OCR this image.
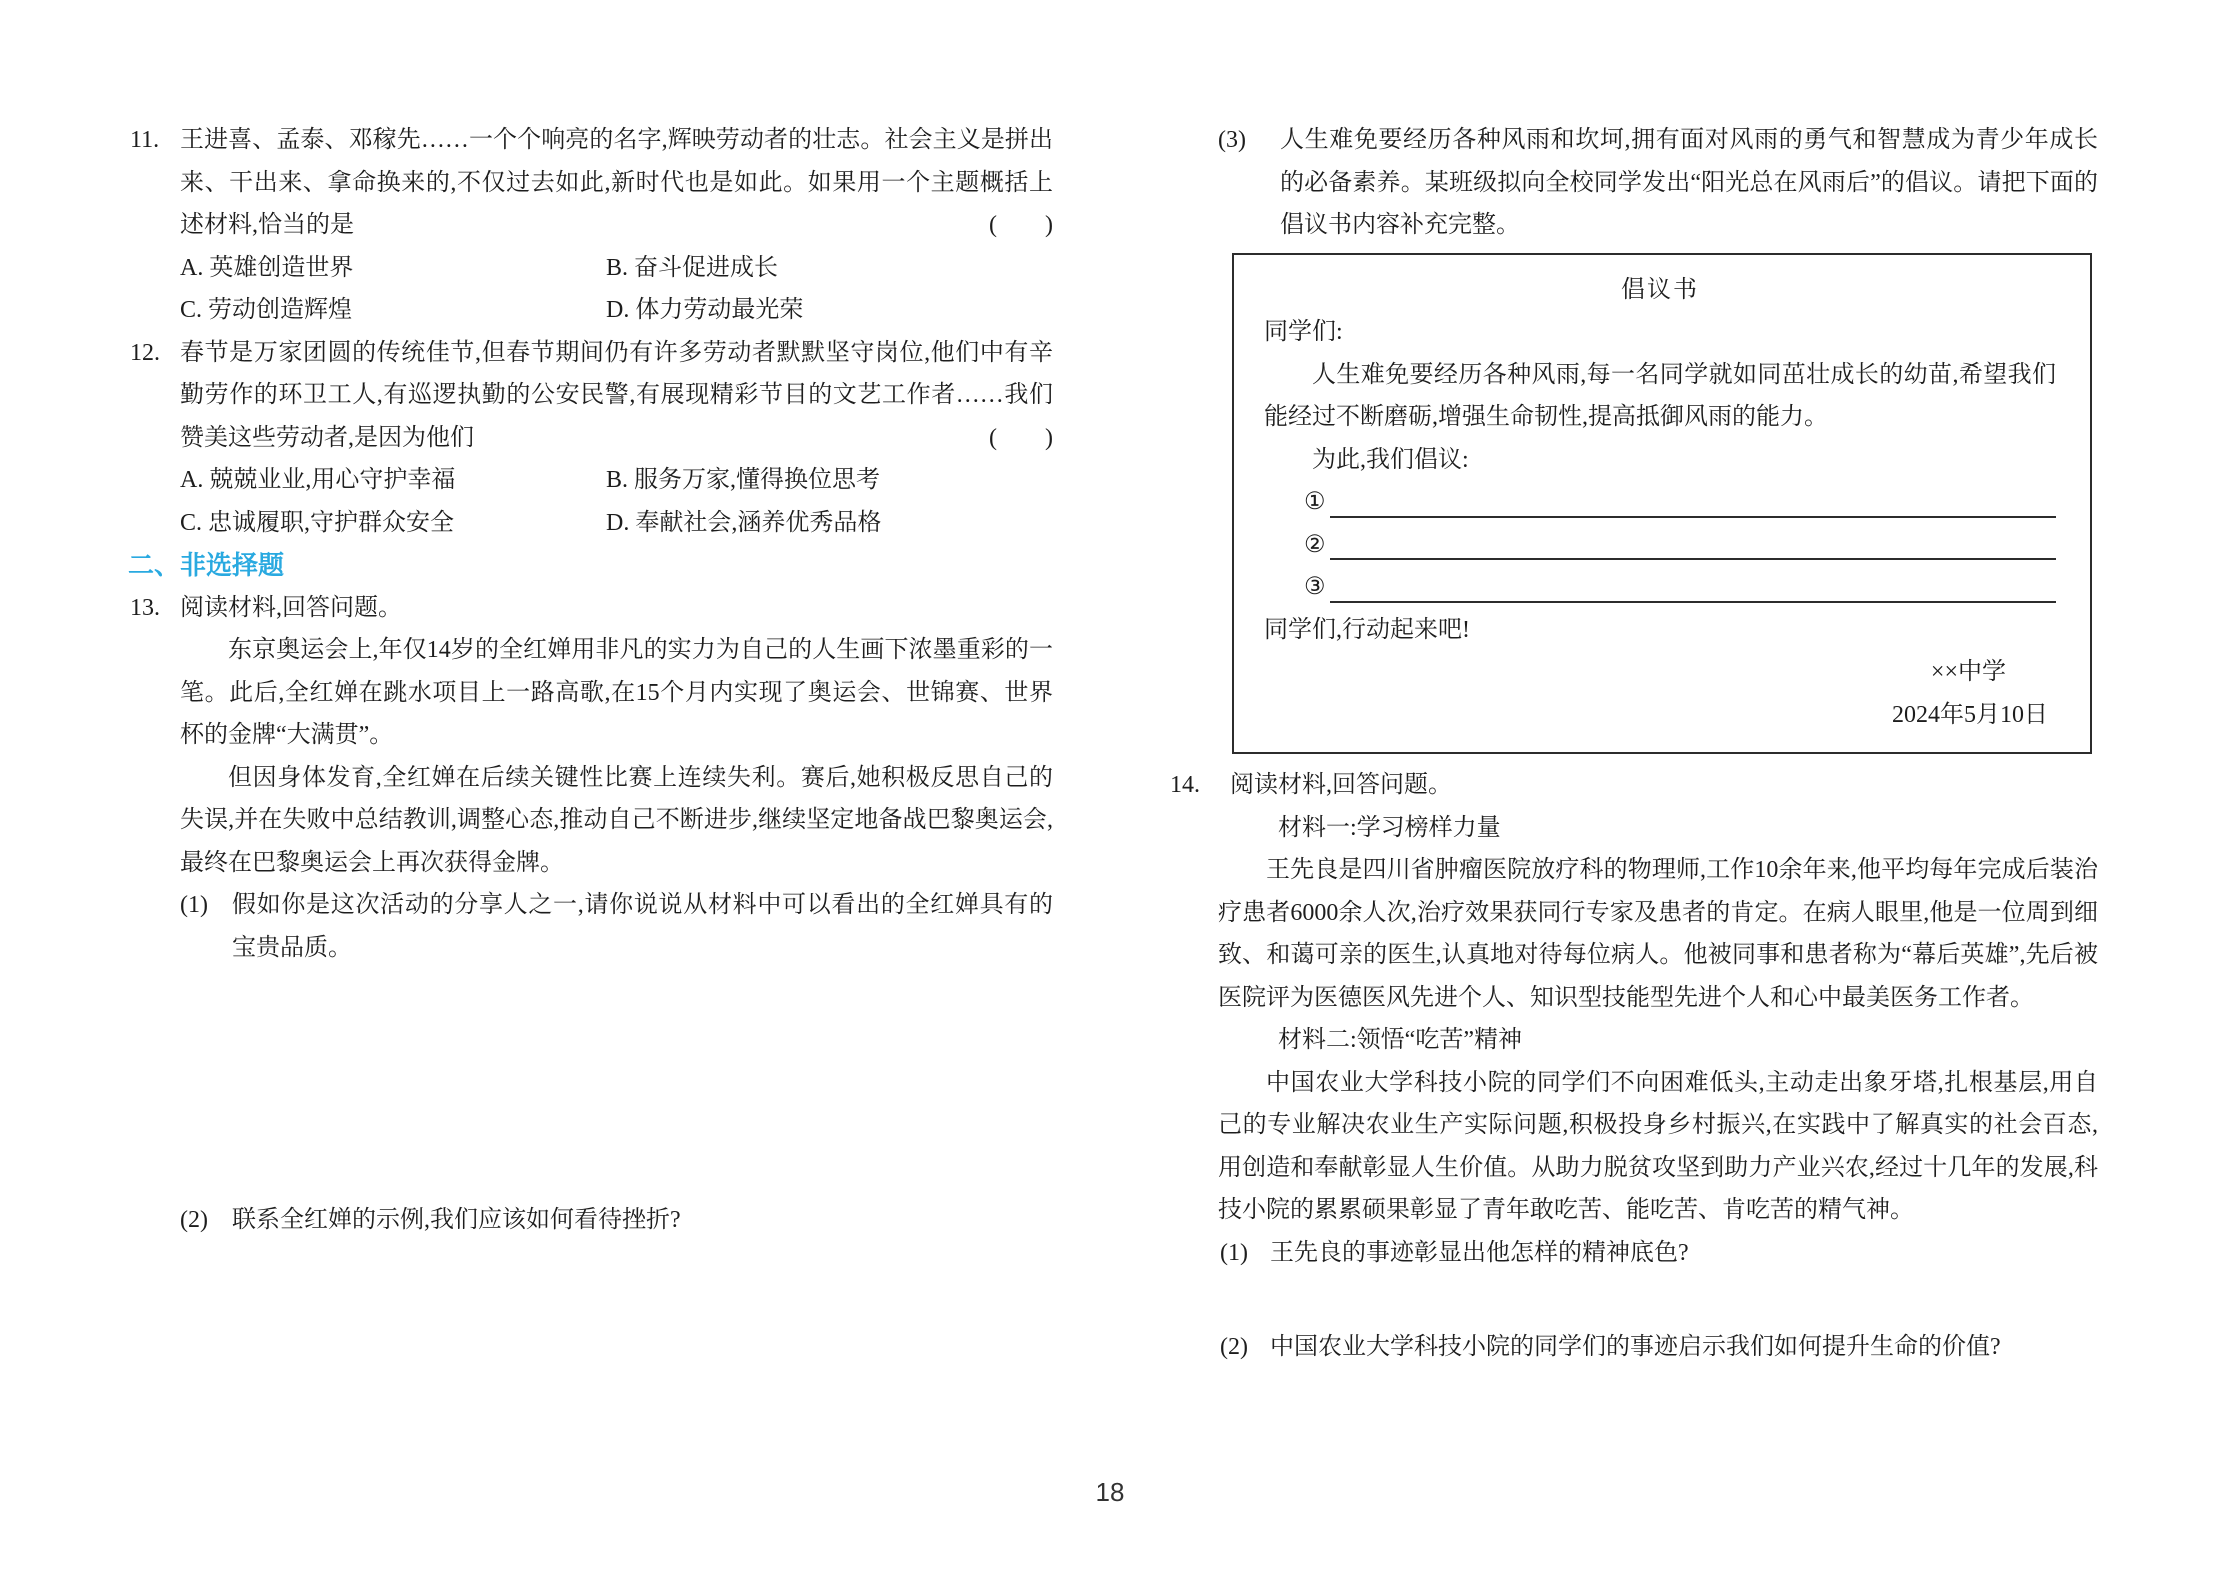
11. 王进喜、孟泰、邓稼先……一个个响亮的名字,辉映劳动者的壮志。社会主义是拼出来、干出来、拿命换来的,不仅过去如此,新时代也是如此。如果用一个主题概括上述材料,恰当的是	(　　)
A. 英雄创造世界	B. 奋斗促进成长
C. 劳动创造辉煌	D. 体力劳动最光荣
12. 春节是万家团圆的传统佳节,但春节期间仍有许多劳动者默默坚守岗位,他们中有辛勤劳作的环卫工人,有巡逻执勤的公安民警,有展现精彩节目的文艺工作者……我们赞美这些劳动者,是因为他们	(　　)
A. 兢兢业业,用心守护幸福	B. 服务万家,懂得换位思考
C. 忠诚履职,守护群众安全	D. 奉献社会,涵养优秀品格
二、非选择题
13. 阅读材料,回答问题。

东京奥运会上,年仅14岁的全红婵用非凡的实力为自己的人生画下浓墨重彩的一笔。此后,全红婵在跳水项目上一路高歌,在15个月内实现了奥运会、世锦赛、世界杯的金牌“大满贯”。

但因身体发育,全红婵在后续关键性比赛上连续失利。赛后,她积极反思自己的失误,并在失败中总结教训,调整心态,推动自己不断进步,继续坚定地备战巴黎奥运会,最终在巴黎奥运会上再次获得金牌。

(1) 假如你是这次活动的分享人之一,请你说说从材料中可以看出的全红婵具有的宝贵品质。
(2) 联系全红婵的示例,我们应该如何看待挫折?
(3) 人生难免要经历各种风雨和坎坷,拥有面对风雨的勇气和智慧成为青少年成长的必备素养。某班级拟向全校同学发出“阳光总在风雨后”的倡议。请把下面的倡议书内容补充完整。
倡议书
同学们:

人生难免要经历各种风雨,每一名同学就如同茁壮成长的幼苗,希望我们能经过不断磨砺,增强生命韧性,提高抵御风雨的能力。

为此,我们倡议:
①
②
③
同学们,行动起来吧!
××中学
2024年5月10日
14. 阅读材料,回答问题。
材料一:学习榜样力量

王先良是四川省肿瘤医院放疗科的物理师,工作10余年来,他平均每年完成后装治疗患者6000余人次,治疗效果获同行专家及患者的肯定。在病人眼里,他是一位周到细致、和蔼可亲的医生,认真地对待每位病人。他被同事和患者称为“幕后英雄”,先后被医院评为医德医风先进个人、知识型技能型先进个人和心中最美医务工作者。

材料二:领悟“吃苦”精神

中国农业大学科技小院的同学们不向困难低头,主动走出象牙塔,扎根基层,用自己的专业解决农业生产实际问题,积极投身乡村振兴,在实践中了解真实的社会百态,用创造和奉献彰显人生价值。从助力脱贫攻坚到助力产业兴农,经过十几年的发展,科技小院的累累硕果彰显了青年敢吃苦、能吃苦、肯吃苦的精气神。

(1) 王先良的事迹彰显出他怎样的精神底色?
(2) 中国农业大学科技小院的同学们的事迹启示我们如何提升生命的价值?
18
